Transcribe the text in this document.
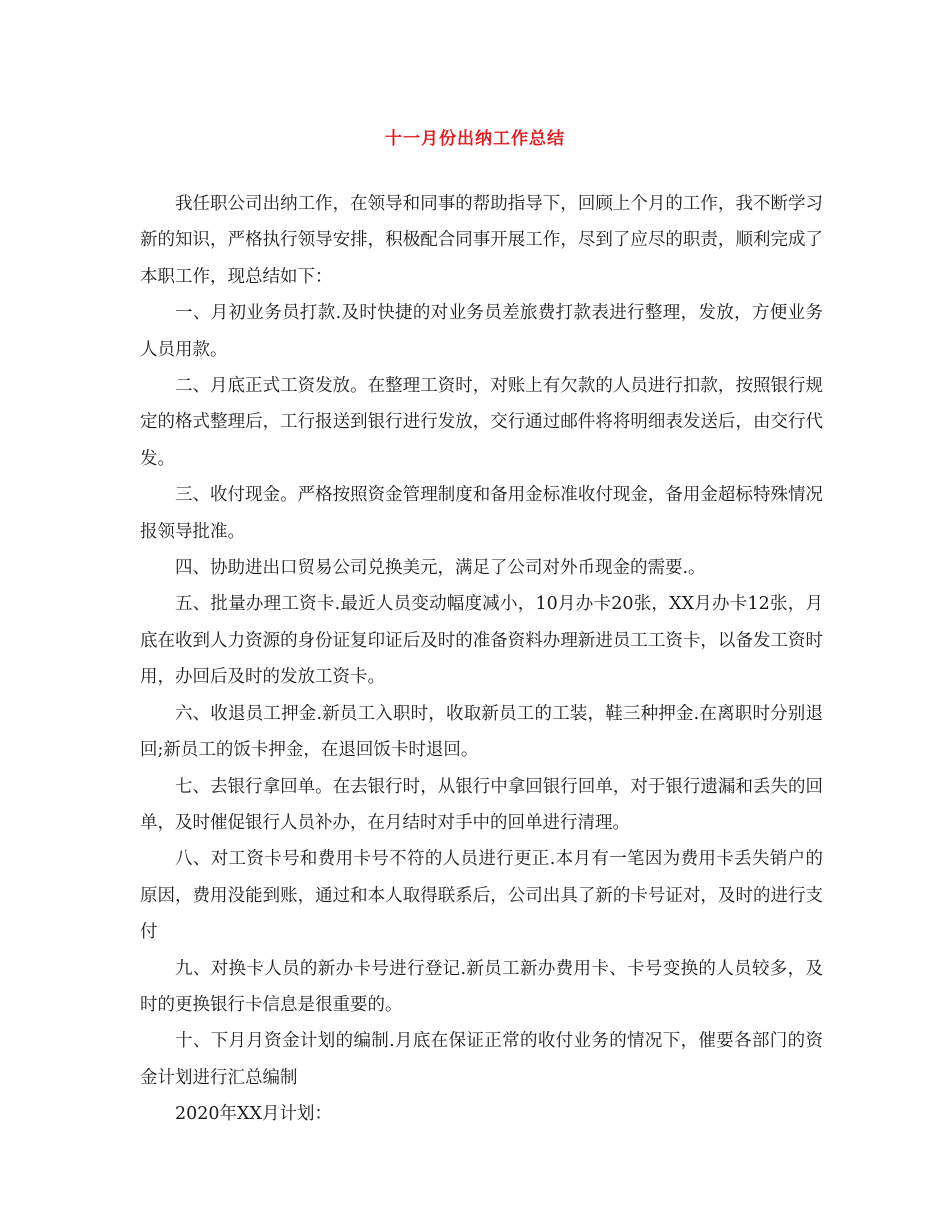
十一月份出纳工作总结

我任职公司出纳工作，在领导和同事的帮助指导下，回顾上个月的工作，我不断学习新的知识，严格执行领导安排，积极配合同事开展工作，尽到了应尽的职责，顺利完成了本职工作，现总结如下：

一、月初业务员打款.及时快捷的对业务员差旅费打款表进行整理，发放，方便业务人员用款。

二、月底正式工资发放。在整理工资时，对账上有欠款的人员进行扣款，按照银行规定的格式整理后，工行报送到银行进行发放，交行通过邮件将将明细表发送后，由交行代发。

三、收付现金。严格按照资金管理制度和备用金标准收付现金，备用金超标特殊情况报领导批准。

四、协助进出口贸易公司兑换美元，满足了公司对外币现金的需要.。

五、批量办理工资卡.最近人员变动幅度减小，10月办卡20张，XX月办卡12张，月底在收到人力资源的身份证复印证后及时的准备资料办理新进员工工资卡，以备发工资时用，办回后及时的发放工资卡。

六、收退员工押金.新员工入职时，收取新员工的工装，鞋三种押金.在离职时分别退回;新员工的饭卡押金，在退回饭卡时退回。

七、去银行拿回单。在去银行时，从银行中拿回银行回单，对于银行遗漏和丢失的回单，及时催促银行人员补办，在月结时对手中的回单进行清理。

八、对工资卡号和费用卡号不符的人员进行更正.本月有一笔因为费用卡丢失销户的原因，费用没能到账，通过和本人取得联系后，公司出具了新的卡号证对，及时的进行支付

九、对换卡人员的新办卡号进行登记.新员工新办费用卡、卡号变换的人员较多，及时的更换银行卡信息是很重要的。

十、下月月资金计划的编制.月底在保证正常的收付业务的情况下，催要各部门的资金计划进行汇总编制

2020年XX月计划：
